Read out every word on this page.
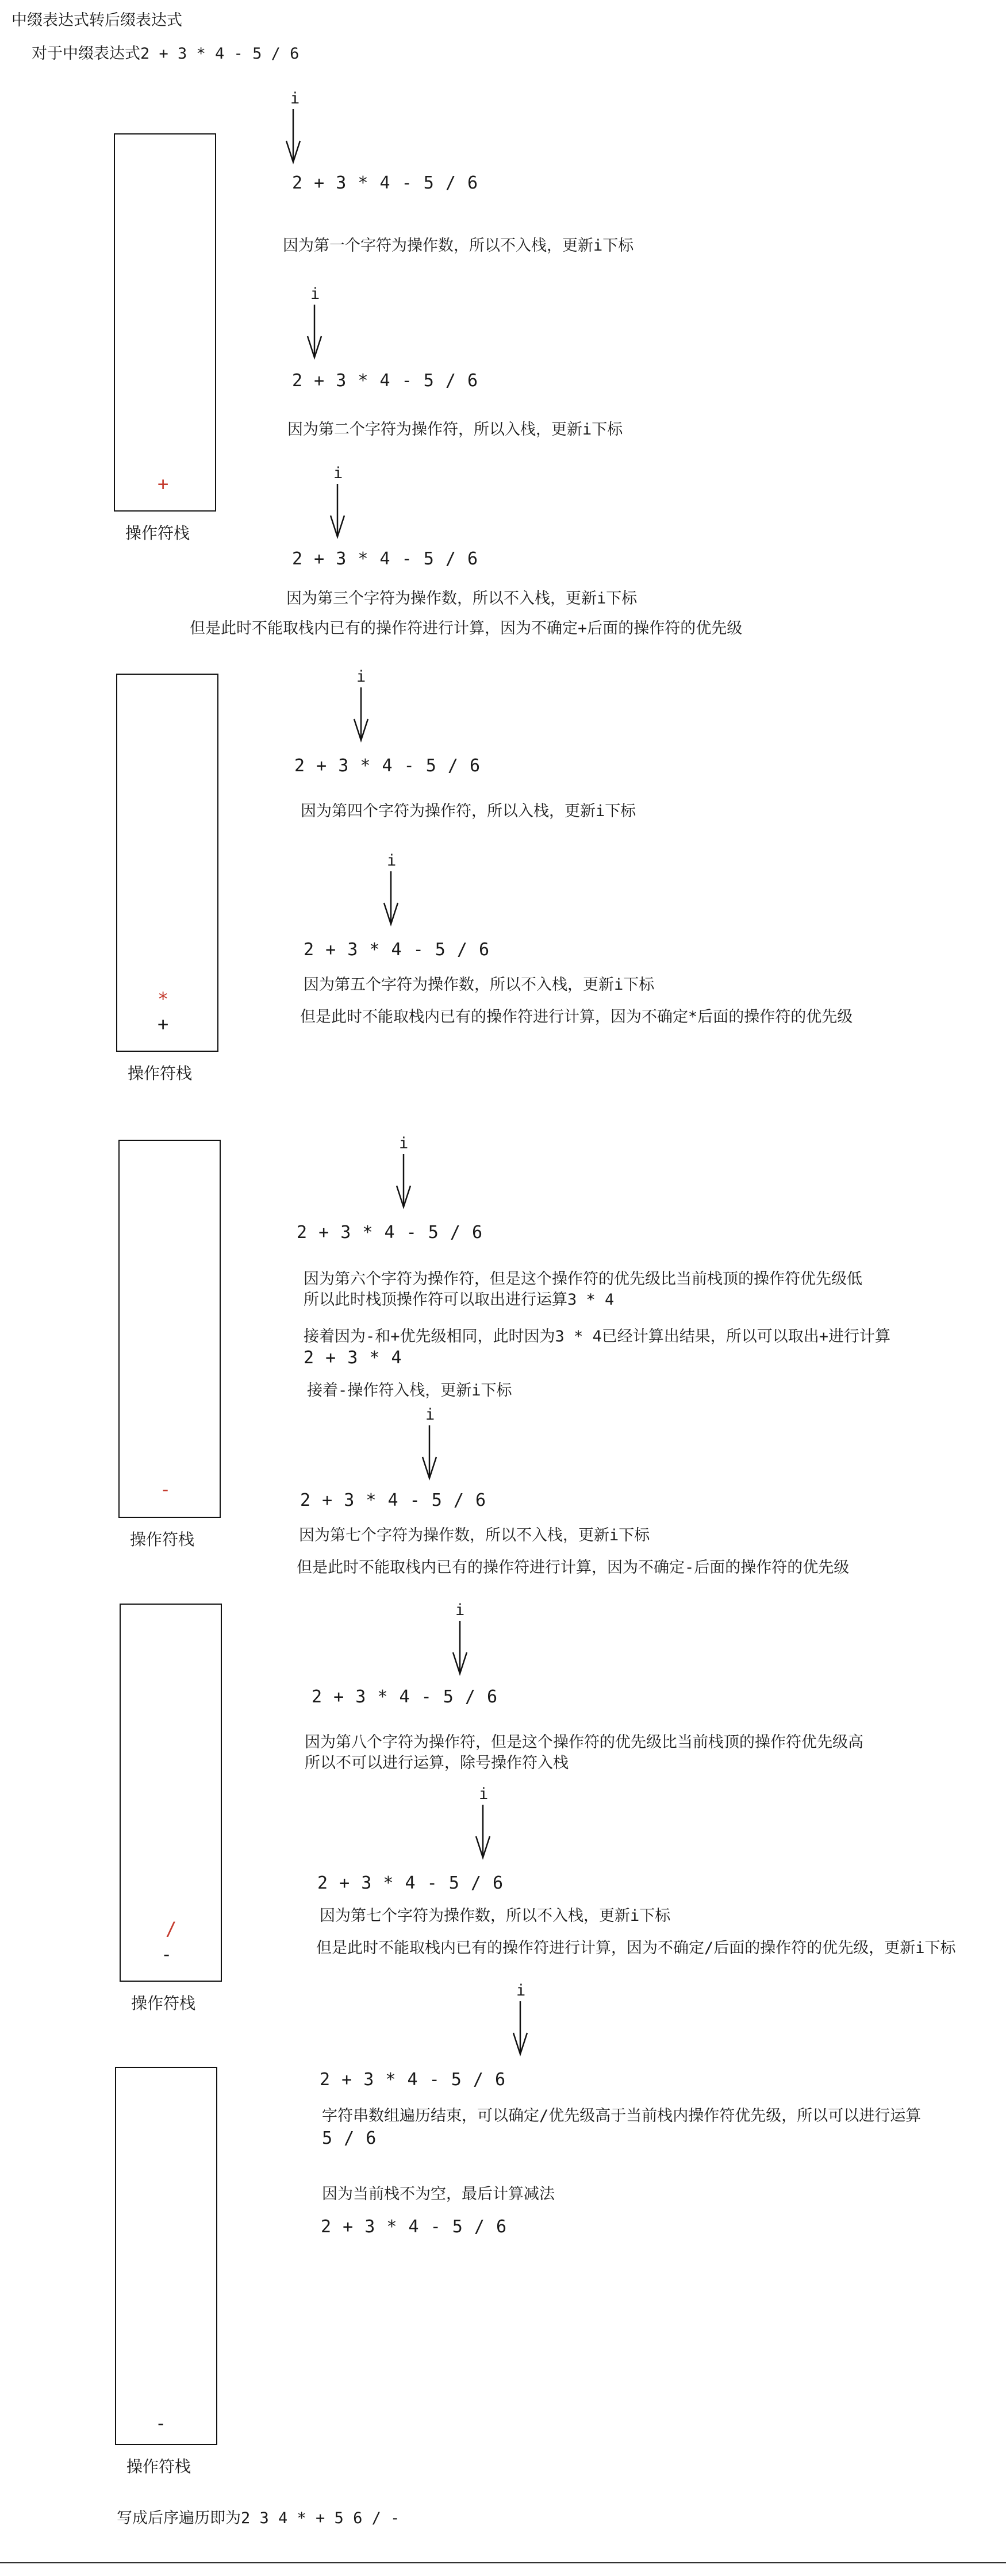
中缀表达式转后缀表达式
对于中缀表达式2 + 3 * 4 - 5 / 6
+
操作符栈
i
2 + 3 * 4 - 5 / 6
因为第一个字符为操作数，所以不入栈，更新i下标
i
2 + 3 * 4 - 5 / 6
因为第二个字符为操作符，所以入栈，更新i下标
i
2 + 3 * 4 - 5 / 6
因为第三个字符为操作数，所以不入栈，更新i下标
但是此时不能取栈内已有的操作符进行计算，因为不确定+后面的操作符的优先级
*
+
操作符栈
i
2 + 3 * 4 - 5 / 6
因为第四个字符为操作符，所以入栈，更新i下标
i
2 + 3 * 4 - 5 / 6
因为第五个字符为操作数，所以不入栈，更新i下标
但是此时不能取栈内已有的操作符进行计算，因为不确定*后面的操作符的优先级
-
操作符栈
i
2 + 3 * 4 - 5 / 6
因为第六个字符为操作符，但是这个操作符的优先级比当前栈顶的操作符优先级低
所以此时栈顶操作符可以取出进行运算3 * 4
接着因为-和+优先级相同，此时因为3 * 4已经计算出结果，所以可以取出+进行计算
2 + 3 * 4
接着-操作符入栈，更新i下标
i
2 + 3 * 4 - 5 / 6
因为第七个字符为操作数，所以不入栈，更新i下标
但是此时不能取栈内已有的操作符进行计算，因为不确定-后面的操作符的优先级
/
-
操作符栈
i
2 + 3 * 4 - 5 / 6
因为第八个字符为操作符，但是这个操作符的优先级比当前栈顶的操作符优先级高
所以不可以进行运算，除号操作符入栈
i
2 + 3 * 4 - 5 / 6
因为第七个字符为操作数，所以不入栈，更新i下标
但是此时不能取栈内已有的操作符进行计算，因为不确定/后面的操作符的优先级，更新i下标
-
操作符栈
i
2 + 3 * 4 - 5 / 6
字符串数组遍历结束，可以确定/优先级高于当前栈内操作符优先级，所以可以进行运算
5 / 6
因为当前栈不为空，最后计算减法
2 + 3 * 4 - 5 / 6
写成后序遍历即为2 3 4 * + 5 6 / -
